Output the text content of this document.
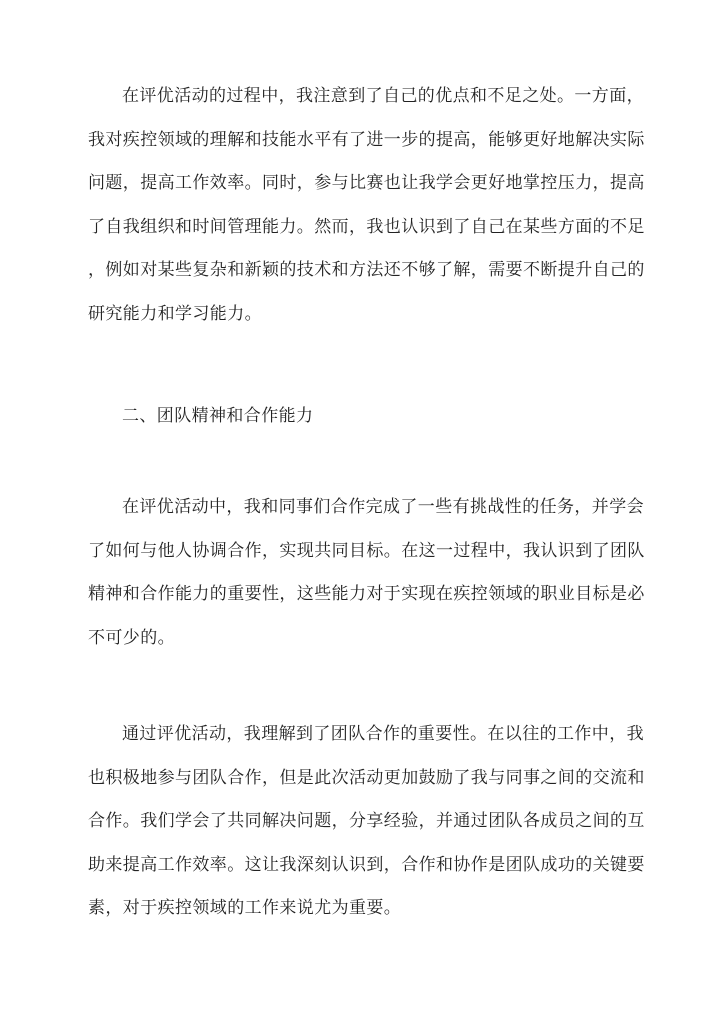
在评优活动的过程中，我注意到了自己的优点和不足之处。一方面，
我对疾控领域的理解和技能水平有了进一步的提高，能够更好地解决实际
问题，提高工作效率。同时，参与比赛也让我学会更好地掌控压力，提高
了自我组织和时间管理能力。然而，我也认识到了自己在某些方面的不足
，例如对某些复杂和新颖的技术和方法还不够了解，需要不断提升自己的
研究能力和学习能力。
二、团队精神和合作能力
在评优活动中，我和同事们合作完成了一些有挑战性的任务，并学会
了如何与他人协调合作，实现共同目标。在这一过程中，我认识到了团队
精神和合作能力的重要性，这些能力对于实现在疾控领域的职业目标是必
不可少的。
通过评优活动，我理解到了团队合作的重要性。在以往的工作中，我
也积极地参与团队合作，但是此次活动更加鼓励了我与同事之间的交流和
合作。我们学会了共同解决问题，分享经验，并通过团队各成员之间的互
助来提高工作效率。这让我深刻认识到，合作和协作是团队成功的关键要
素，对于疾控领域的工作来说尤为重要。
